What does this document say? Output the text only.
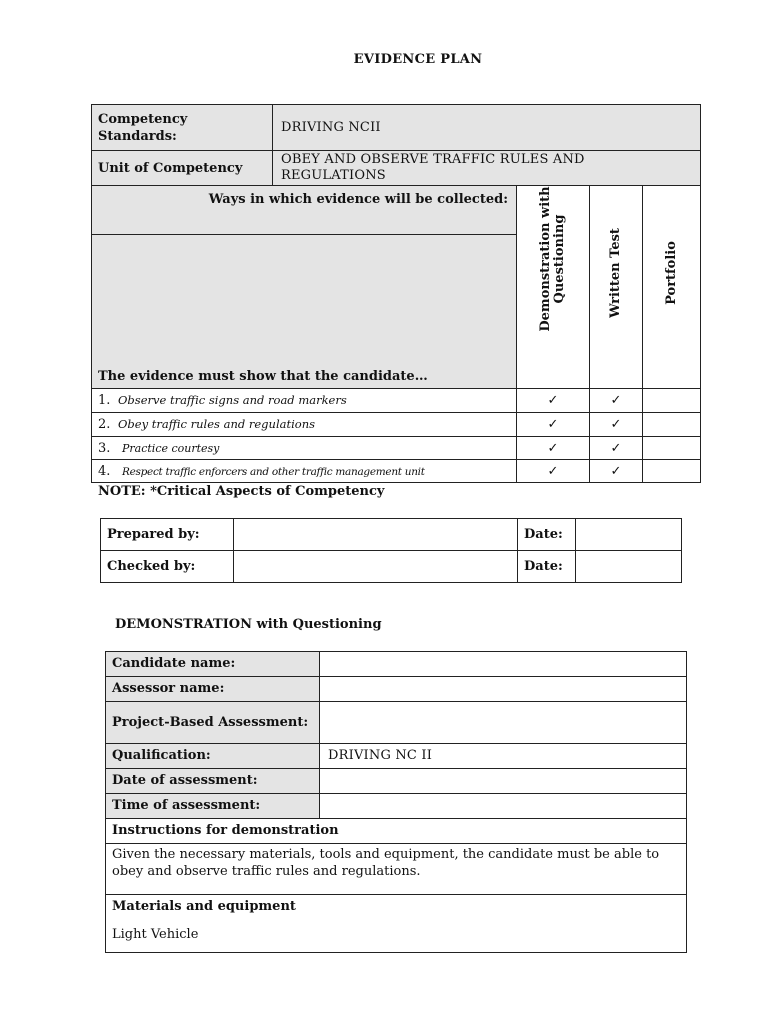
EVIDENCE PLAN
Competency Standards:	DRIVING NCII			
Unit of Competency	OBEY AND OBSERVE TRAFFIC RULES AND REGULATIONS			
Ways in which evidence will be collected:		Demonstration with Questioning	Written Test	Portfolio

The evidence must show that the candidate…				
1. Observe traffic signs and road markers		✓	✓	
2. Obey traffic rules and regulations		✓	✓	
3. Practice courtesy		✓	✓	
4. Respect traffic enforcers and other traffic management unit		✓	✓	
NOTE: *Critical Aspects of Competency
Prepared by:		Date:	
Checked by:		Date:	
DEMONSTRATION with Questioning
Candidate name:	
Assessor name:	
Project-Based Assessment:	
Qualification:	DRIVING NC II
Date of assessment:	
Time of assessment:	
Instructions for demonstration	
Given the necessary materials, tools and equipment, the candidate must be able to obey and observe traffic rules and regulations.	

Materials and equipment
Light Vehicle	
